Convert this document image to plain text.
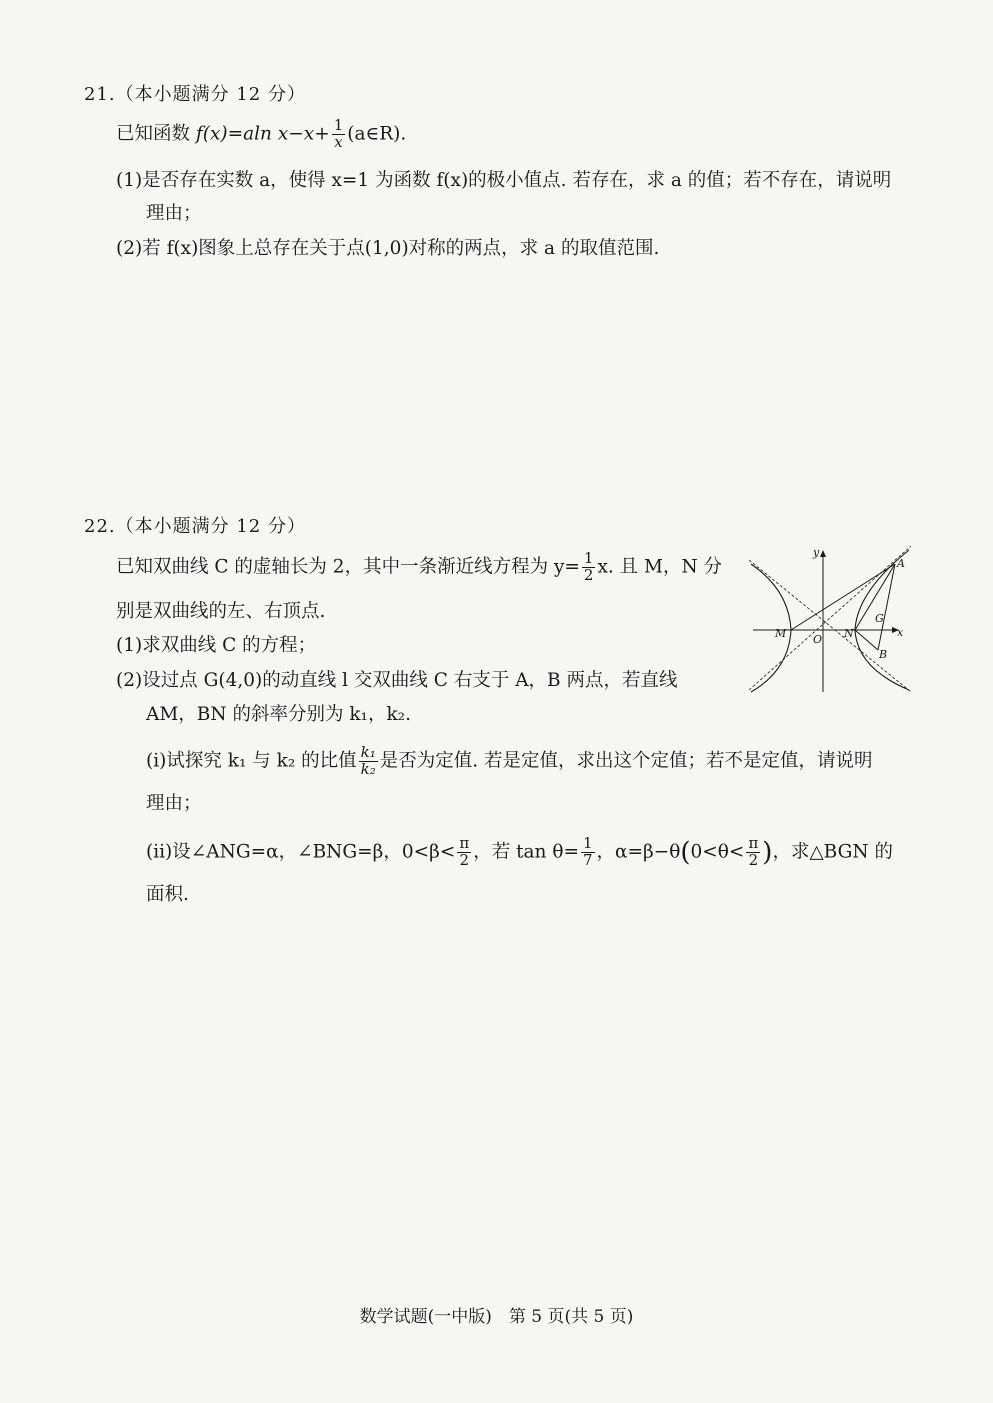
21.（本小题满分 12 分）
已知函数 f(x)=aln $x-x+ \frac{1}{x}$ (a∈R).
(1)是否存在实数 a，使得 x=1 为函数 f(x)的极小值点. 若存在，求 a 的值；若不存在，请说明
理由；
(2)若 f(x)图象上总存在关于点(1,0)对称的两点，求 a 的取值范围.
22.（本小题满分 12 分）
已知双曲线 C 的虚轴长为 2，其中一条渐近线方程为 $y= \frac{1}{2} x$. 且 M，N 分
别是双曲线的左、右顶点.
(1)求双曲线 C 的方程；
(2)设过点 G(4,0)的动直线 l 交双曲线 C 右支于 A，B 两点，若直线
AM，BN 的斜率分别为 k₁，k₂.
(ⅰ)试探究 k₁ 与 k₂ 的比值 $\frac{\text{k₁}}{\text{k₂}}$ 是否为定值. 若是定值，求出这个定值；若不是定值，请说明
理由；
(ⅱ)设∠ANG=α，∠BNG=β，$0<\beta< \frac{\pi}{2}$ ，若 $\tan \theta= \frac{1}{7}$ ，$\alpha=\beta-\theta(0<\theta< \frac{\pi}{2}$ )，求△BGN 的
面积.
y
x
A
G
M O N
B
数学试题(一中版)　第 5 页(共 5 页)
